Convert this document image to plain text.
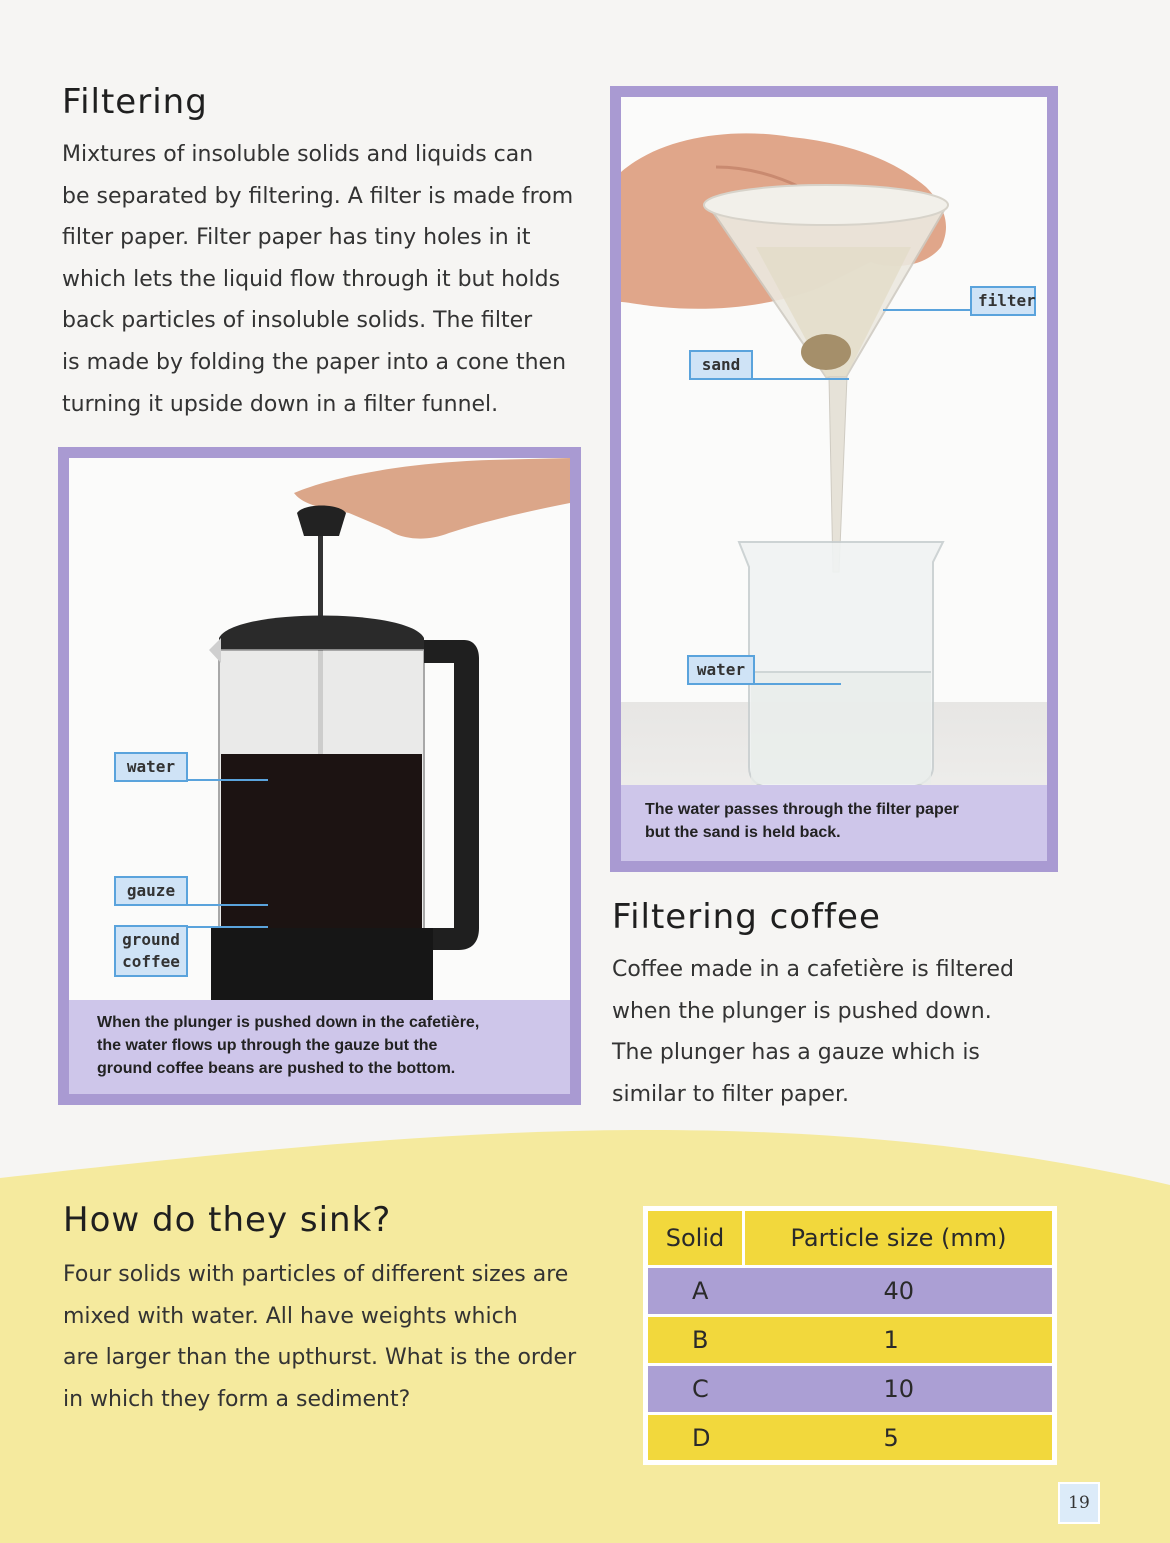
Filtering
Mixtures of insoluble solids and liquids can
be separated by filtering. A filter is made from
filter paper. Filter paper has tiny holes in it
which lets the liquid flow through it but holds
back particles of insoluble solids. The filter
is made by folding the paper into a cone then
turning it upside down in a filter funnel.
filter
sand
water
The water passes through the filter paper
but the sand is held back.
water
gauze
ground
coffee
When the plunger is pushed down in the cafetière,
the water flows up through the gauze but the
ground coffee beans are pushed to the bottom.
Filtering coffee
Coffee made in a cafetière is filtered
when the plunger is pushed down.
The plunger has a gauze which is
similar to filter paper.
How do they sink?
Four solids with particles of different sizes are
mixed with water. All have weights which
are larger than the upthurst. What is the order
in which they form a sediment?
Solid	Particle size (mm)
A	40
B	1
C	10
D	5
19
